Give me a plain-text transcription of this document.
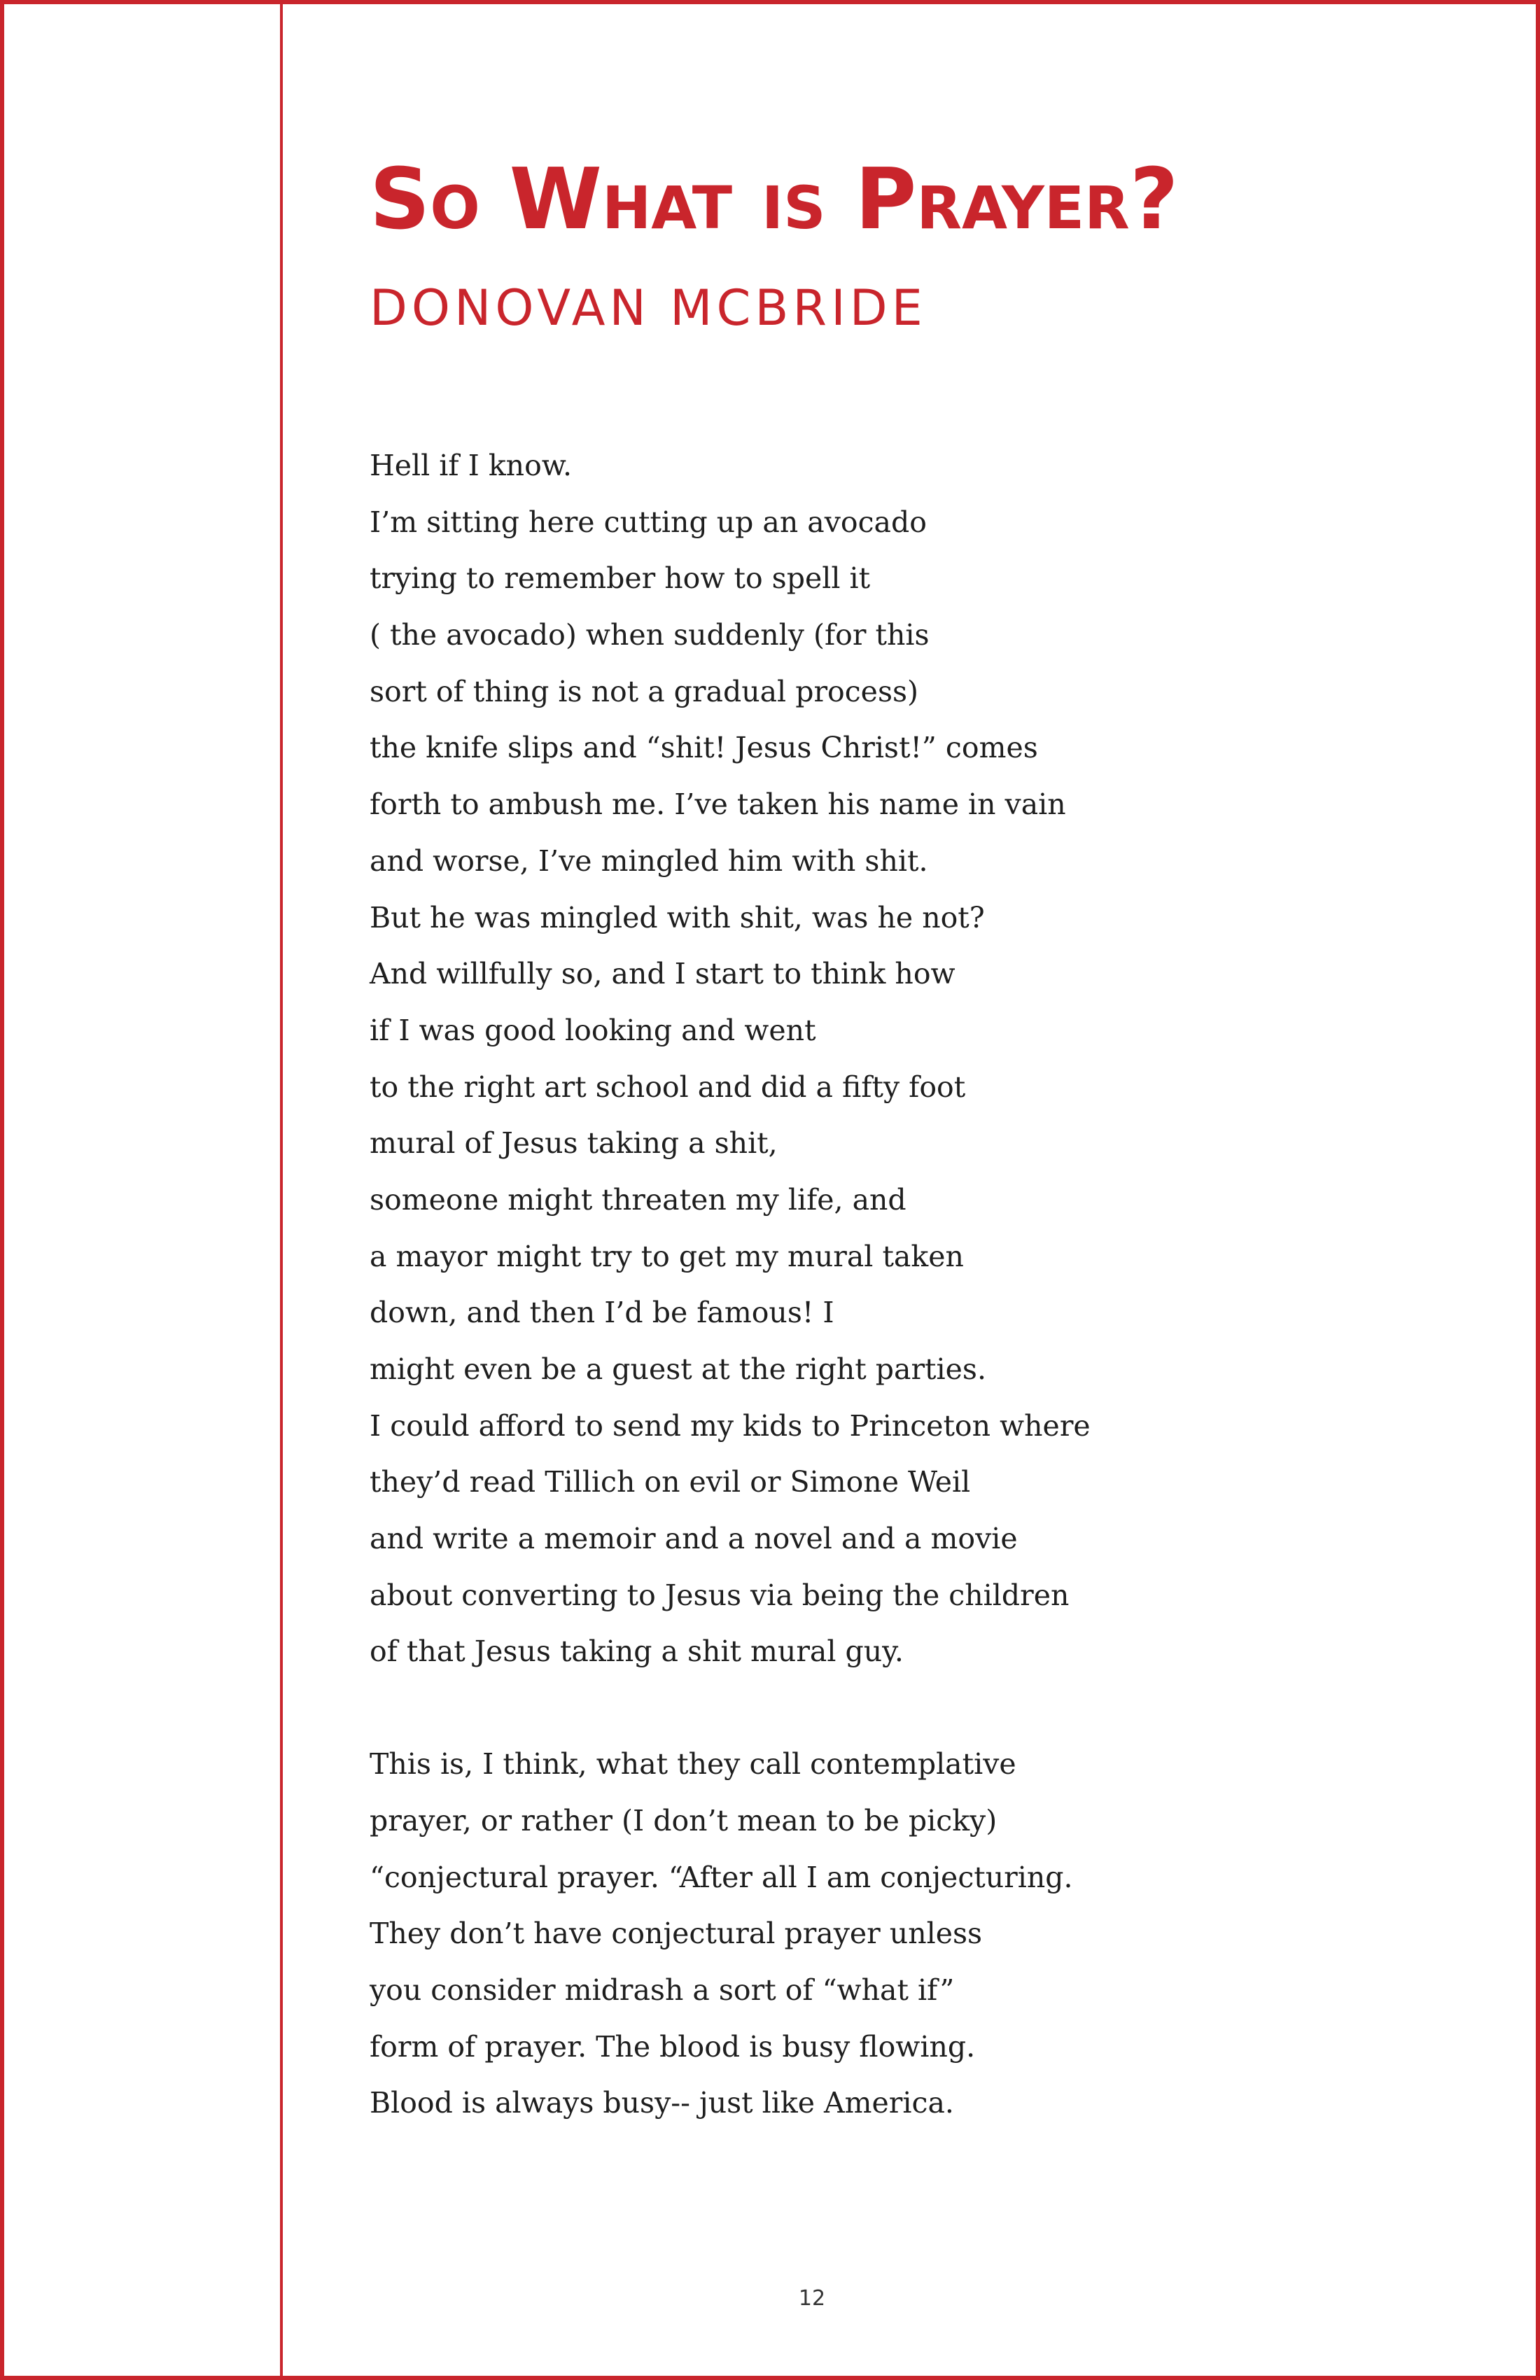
So What is Prayer?
DONOVAN MCBRIDE
Hell if I know.
I’m sitting here cutting up an avocado
trying to remember how to spell it
( the avocado) when suddenly (for this
sort of thing is not a gradual process)
the knife slips and “shit! Jesus Christ!” comes
forth to ambush me. I’ve taken his name in vain
and worse, I’ve mingled him with shit.
But he was mingled with shit, was he not?
And willfully so, and I start to think how
if I was good looking and went
to the right art school and did a fifty foot
mural of Jesus taking a shit,
someone might threaten my life, and
a mayor might try to get my mural taken
down, and then I’d be famous! I
might even be a guest at the right parties.
I could afford to send my kids to Princeton where
they’d read Tillich on evil or Simone Weil
and write a memoir and a novel and a movie
about converting to Jesus via being the children
of that Jesus taking a shit mural guy.
This is, I think, what they call contemplative
prayer, or rather (I don’t mean to be picky)
“conjectural prayer. “After all I am conjecturing.
They don’t have conjectural prayer unless
you consider midrash a sort of “what if”
form of prayer. The blood is busy flowing.
Blood is always busy-- just like America.
12
